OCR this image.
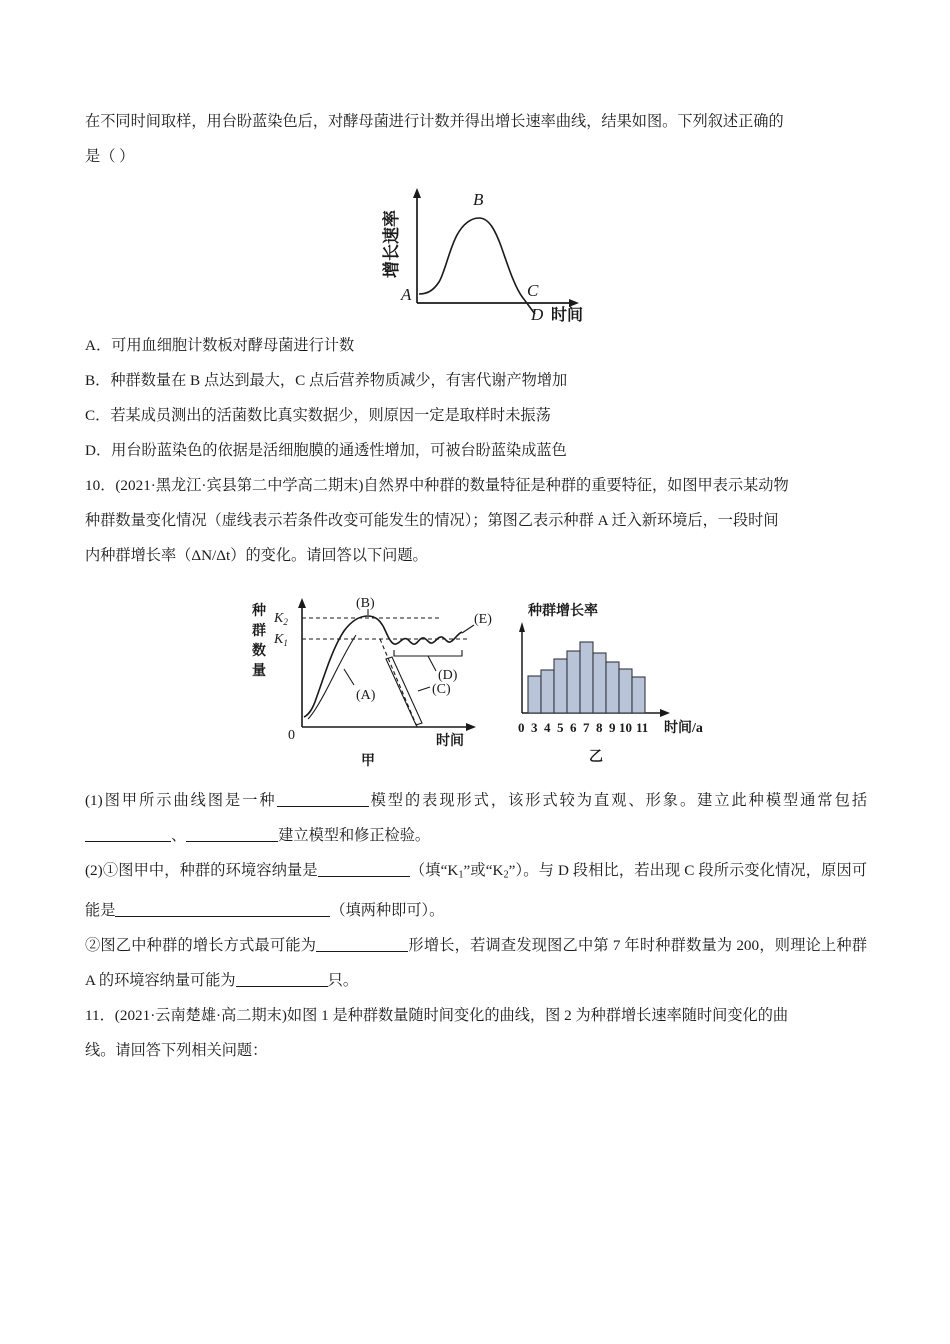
在不同时间取样，用台盼蓝染色后，对酵母菌进行计数并得出增长速率曲线，结果如图。下列叙述正确的

是（ ）

增长速率
A
B
C
D 时间

A．可用血细胞计数板对酵母菌进行计数

B．种群数量在 B 点达到最大，C 点后营养物质减少，有害代谢产物增加

C．若某成员测出的活菌数比真实数据少，则原因一定是取样时未振荡

D．用台盼蓝染色的依据是活细胞膜的通透性增加，可被台盼蓝染成蓝色

10．(2021·黑龙江·宾县第二中学高二期末)自然界中种群的数量特征是种群的重要特征，如图甲表示某动物

种群数量变化情况（虚线表示若条件改变可能发生的情况）；第图乙表示种群 A 迁入新环境后，一段时间

内种群增长率（ΔN/Δt）的变化。请回答以下问题。

种
群
数
量
$K_2$
$K_1$
0
(A)
(B)
(C)
(D)
(E)
时间
甲
种群增长率
0 3 4 5 6 7 8 9 10 11 时间/a
乙

(1)图甲所示曲线图是一种	模型的表现形式，该形式较为直观、形象。建立此种模型通常包括、	建立模型和修正检验。

(2)①图甲中，种群的环境容纳量是	（填“$K_1$”或“$K_2$”）。与 D 段相比，若出现 C 段所示变化情况，原因可能是	（填两种即可）。

②图乙中种群的增长方式最可能为	形增长，若调查发现图乙中第 7 年时种群数量为 200，则理论上种群 A 的环境容纳量可能为	只。

11．(2021·云南楚雄·高二期末)如图 1 是种群数量随时间变化的曲线，图 2 为种群增长速率随时间变化的曲

线。请回答下列相关问题：
